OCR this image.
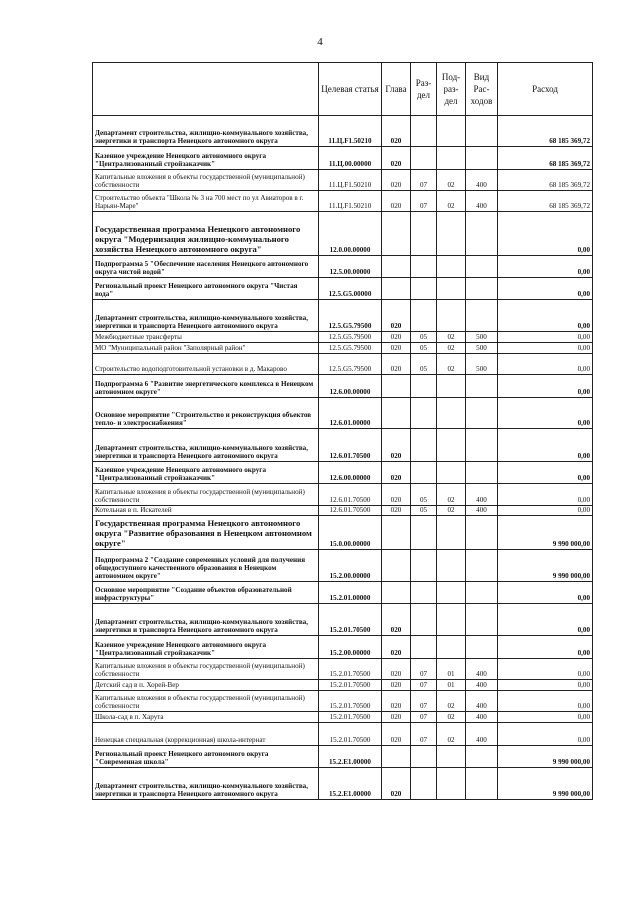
4
	Целевая статья	Глава	Раз-дел	Под-раз-дел	Вид Рас-ходов	Расход
Департамент строительства, жилищно-коммунального хозяйства, энергетики и транспорта Ненецкого автономного округа	11.Ц.F1.50210	020				68 185 369,72
Казенное учреждение Ненецкого автономного округа "Централизованный стройзаказчик"	11.Ц.00.00000	020				68 185 369,72
Капитальные вложения в объекты государственной (муниципальной) собственности	11.Ц.F1.50210	020	07	02	400	68 185 369,72
Строительство объекта "Школа № 3 на 700 мест по ул Авиаторов в г. Нарьян-Маре"	11.Ц.F1.50210	020	07	02	400	68 185 369,72
Государственная программа Ненецкого автономного округа "Модернизация жилищно-коммунального хозяйства Ненецкого автономного округа"	12.0.00.00000					0,00
Подпрограмма 5 "Обеспечение населения Ненецкого автономного округа чистой водой"	12.5.00.00000					0,00
Региональный проект Ненецкого автономного округа "Чистая вода"	12.5.G5.00000					0,00
Департамент строительства, жилищно-коммунального хозяйства, энергетики и транспорта Ненецкого автономного округа	12.5.G5.79500	020				0,00
Межбюджетные трансферты	12.5.G5.79500	020	05	02	500	0,00
МО "Муниципальный район "Заполярный район"	12.5.G5.79500	020	05	02	500	0,00
Строительство водоподготовительной установки в д. Макарово	12.5.G5.79500	020	05	02	500	0,00
Подпрограмма 6 "Развитие энергетического комплекса в Ненецком автономном округе"	12.6.00.00000					0,00
Основное мероприятие "Строительство и реконструкция объектов тепло- и электроснабжения"	12.6.01.00000					0,00
Департамент строительства, жилищно-коммунального хозяйства, энергетики и транспорта Ненецкого автономного округа	12.6.01.70500	020				0,00
Казенное учреждение Ненецкого автономного округа "Централизованный стройзаказчик"	12.6.00.00000	020				0,00
Капитальные вложения в объекты государственной (муниципальной) собственности	12.6.01.70500	020	05	02	400	0,00
Котельная в п. Искателей	12.6.01.70500	020	05	02	400	0,00
Государственная программа Ненецкого автономного округа "Развитие образования в Ненецком автономном округе"	15.0.00.00000					9 990 000,00
Подпрограмма 2 "Создание современных условий для получения общедоступного качественного образования в Ненецком автономном округе"	15.2.00.00000					9 990 000,00
Основное мероприятие "Создание объектов образовательной инфраструктуры"	15.2.01.00000					0,00
Департамент строительства, жилищно-коммунального хозяйства, энергетики и транспорта Ненецкого автономного округа	15.2.01.70500	020				0,00
Казенное учреждение Ненецкого автономного округа "Централизованный стройзаказчик"	15.2.00.00000	020				0,00
Капитальные вложения в объекты государственной (муниципальной) собственности	15.2.01.70500	020	07	01	400	0,00
Детский сад в п. Хорей-Вер	15.2.01.70500	020	07	01	400	0,00
Капитальные вложения в объекты государственной (муниципальной) собственности	15.2.01.70500	020	07	02	400	0,00
Школа-сад в п. Харута	15.2.01.70500	020	07	02	400	0,00
Ненецкая специальная (коррекционная) школа-интернат	15.2.01.70500	020	07	02	400	0,00
Региональный проект Ненецкого автономного округа "Современная школа"	15.2.E1.00000					9 990 000,00
Департамент строительства, жилищно-коммунального хозяйства, энергетики и транспорта Ненецкого автономного округа	15.2.E1.00000	020				9 990 000,00
